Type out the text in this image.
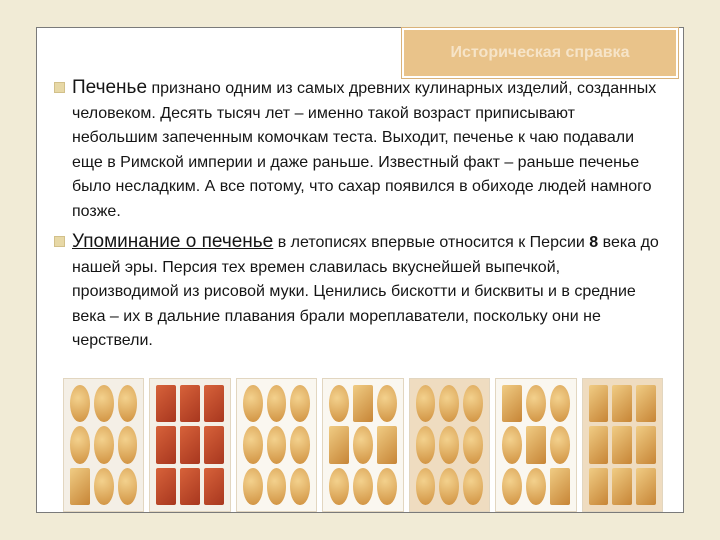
Историческая справка
Печенье признано одним из самых древних кулинарных изделий, созданных человеком. Десять тысяч лет – именно такой возраст приписывают небольшим запеченным комочкам теста. Выходит, печенье к чаю подавали еще в Римской империи и даже раньше. Известный факт – раньше печенье было несладким. А все потому, что сахар появился в обиходе людей намного позже.
Упоминание о печенье в летописях впервые относится к Персии 8 века до нашей эры. Персия тех времен славилась вкуснейшей выпечкой, производимой из рисовой муки. Ценились бискотти и бисквиты и в средние века – их в дальние плавания брали мореплаватели, поскольку они не черствели.
